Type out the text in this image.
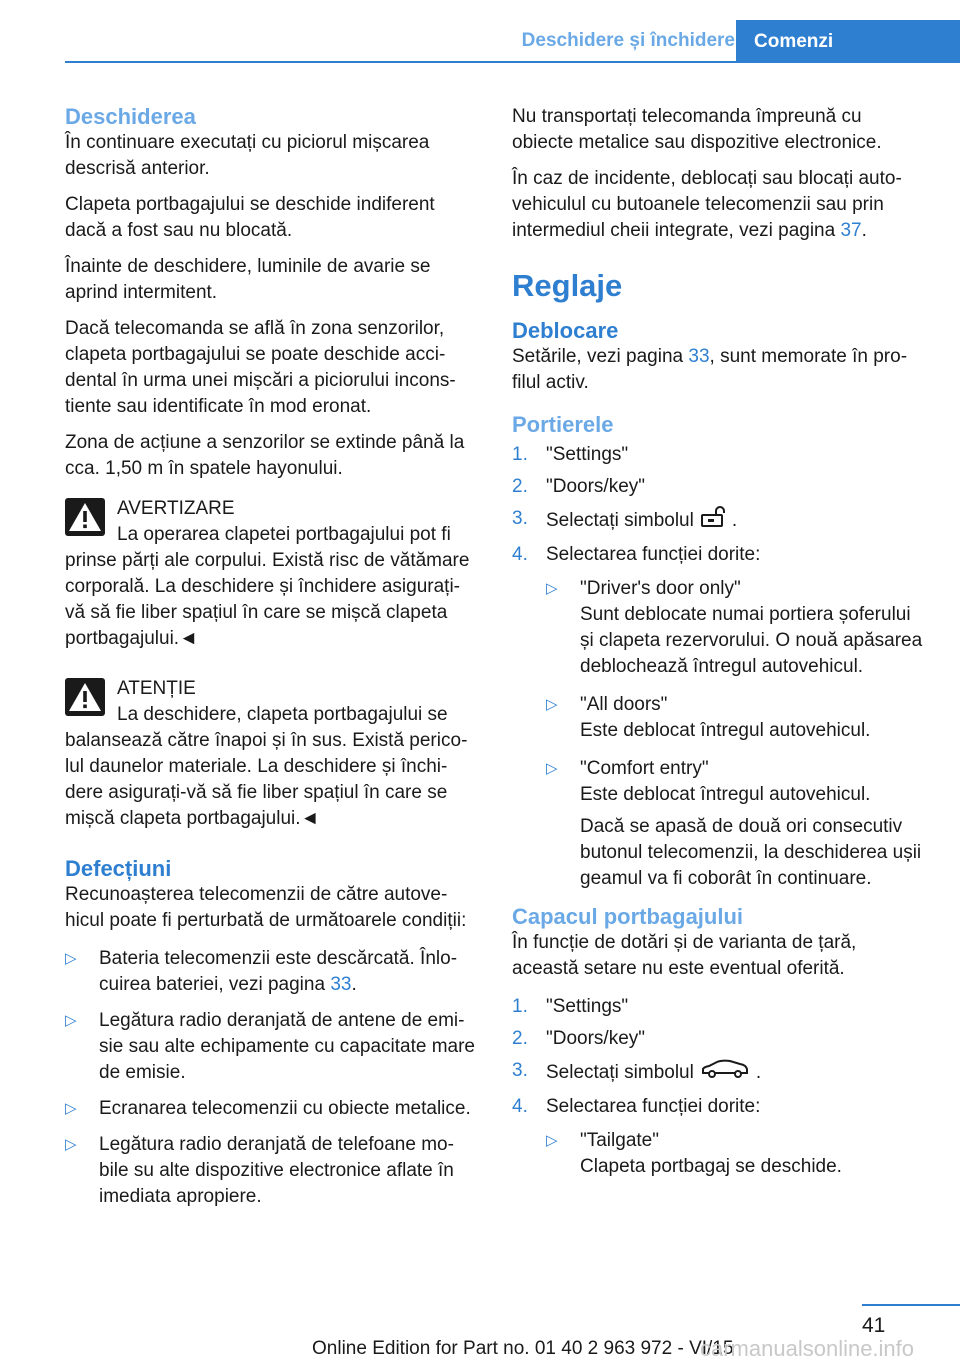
Deschidere și închidere	Comenzi
Deschiderea

În continuare executați cu piciorul mișcarea descrisă anterior.

Clapeta portbagajului se deschide indiferent dacă a fost sau nu blocată.

Înainte de deschidere, luminile de avarie se aprind intermitent.

Dacă telecomanda se află în zona senzorilor, clapeta portbagajului se poate deschide accidental în urma unei mișcări a piciorului inconstiente sau identificate în mod eronat.

Zona de acțiune a senzorilor se extinde până la cca. 1,50 m în spatele hayonului.

AVERTIZARE
La operarea clapetei portbagajului pot fi prinse părți ale corpului. Există risc de vătămare corporală. La deschidere și închidere asigurați-vă să fie liber spațiul în care se mișcă clapeta portbagajului.◄
ATENȚIE
La deschidere, clapeta portbagajului se balansează către înapoi și în sus. Există pericolul daunelor materiale. La deschidere și închidere asigurați-vă să fie liber spațiul în care se mișcă clapeta portbagajului.◄
Defecțiuni

Recunoașterea telecomenzii de către autovehicul poate fi perturbată de următoarele condiții:

▷ Bateria telecomenzii este descărcată. Înlocuirea bateriei, vezi pagina 33.
▷ Legătura radio deranjată de antene de emisie sau alte echipamente cu capacitate mare de emisie.
▷ Ecranarea telecomenzii cu obiecte metalice.
▷ Legătura radio deranjată de telefoane mobile su alte dispozitive electronice aflate în imediata apropiere.

Nu transportați telecomanda împreună cu obiecte metalice sau dispozitive electronice.

În caz de incidente, deblocați sau blocați autovehiculul cu butoanele telecomenzii sau prin intermediul cheii integrate, vezi pagina 37.

Reglaje
Deblocare

Setările, vezi pagina 33, sunt memorate în profilul activ.

Portierele
1. "Settings"
2. "Doors/key"
3. Selectați simbolul .
4. Selectarea funcției dorite:
▷ "Driver's door only"
Sunt deblocate numai portiera șoferului și clapeta rezervorului. O nouă apăsarea deblochează întregul autovehicul.
▷ "All doors"
Este deblocat întregul autovehicul.
▷ "Comfort entry"
Este deblocat întregul autovehicul.
Dacă se apasă de două ori consecutiv butonul telecomenzii, la deschiderea ușii geamul va fi coborât în continuare.
Capacul portbagajului

În funcție de dotări și de varianta de țară, această setare nu este eventual oferită.

1. "Settings"
2. "Doors/key"
3. Selectați simbolul	.
4. Selectarea funcției dorite:
▷ "Tailgate"
Clapeta portbagaj se deschide.
41
Online Edition for Part no. 01 40 2 963 972 - VI/15
carmanualsonline.info
